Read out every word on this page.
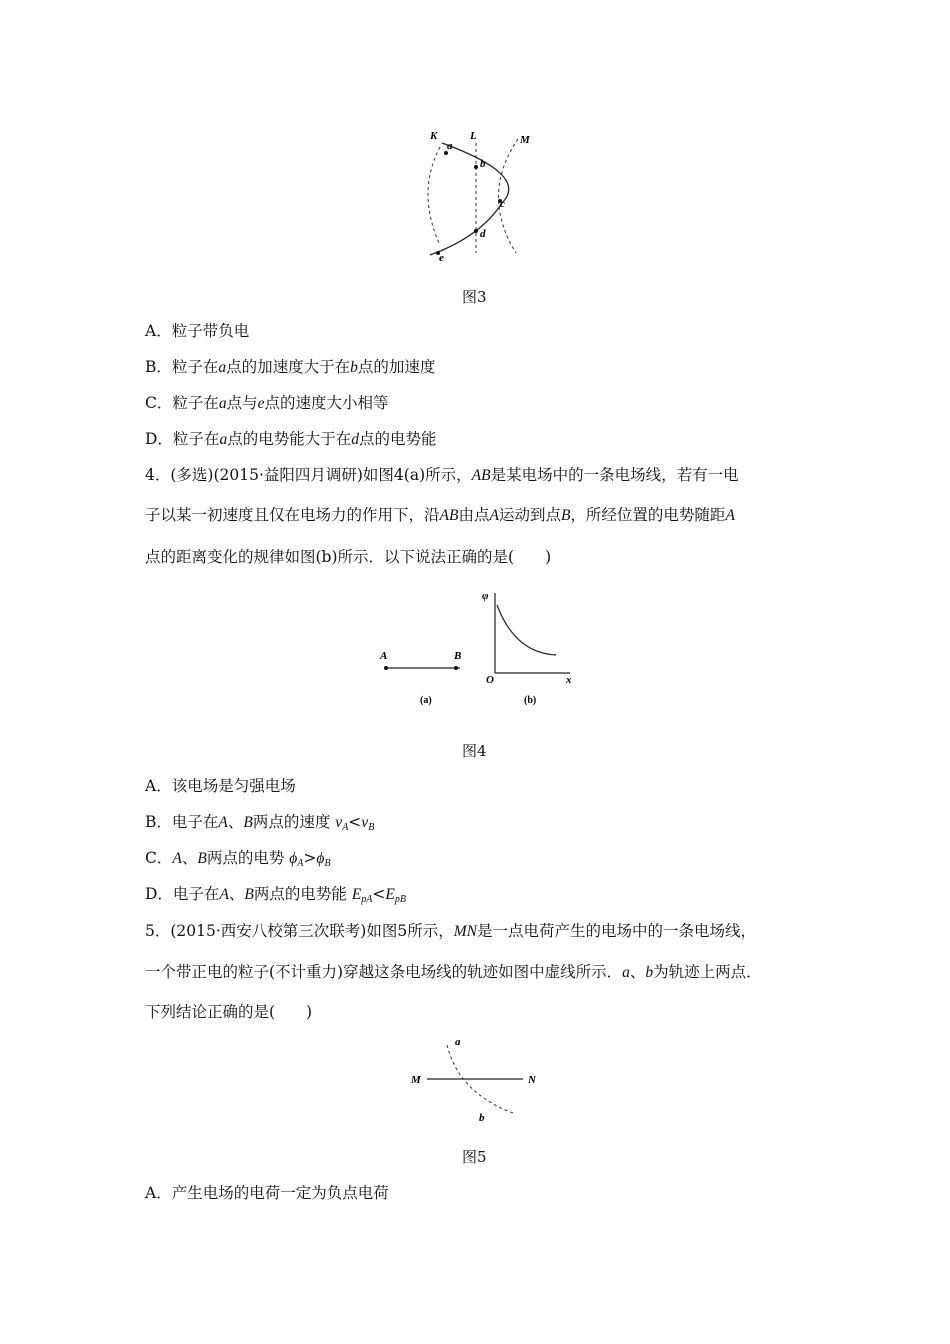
K	L	M
a
b
c
d
e
图3
A．粒子带负电
B．粒子在a点的加速度大于在b点的加速度
C．粒子在a点与e点的速度大小相等
D．粒子在a点的电势能大于在d点的电势能
4．(多选)(2015·益阳四月调研)如图4(a)所示，AB是某电场中的一条电场线，若有一电
子以某一初速度且仅在电场力的作用下，沿AB由点A运动到点B，所经位置的电势随距A
点的距离变化的规律如图(b)所示．以下说法正确的是(　　)
A	B
(a)
φ
O	x
(b)
图4
A．该电场是匀强电场
B．电子在A、B两点的速度 $v_A<v_B$
C．A、B两点的电势 $\phi_A>\phi_B$
D．电子在A、B两点的电势能 $E_{pA}<E_{pB}$
5．(2015·西安八校第三次联考)如图5所示，MN是一点电荷产生的电场中的一条电场线，
一个带正电的粒子(不计重力)穿越这条电场线的轨迹如图中虚线所示．a、b为轨迹上两点．
下列结论正确的是(　　)
M	N
a
b
图5
A．产生电场的电荷一定为负点电荷
